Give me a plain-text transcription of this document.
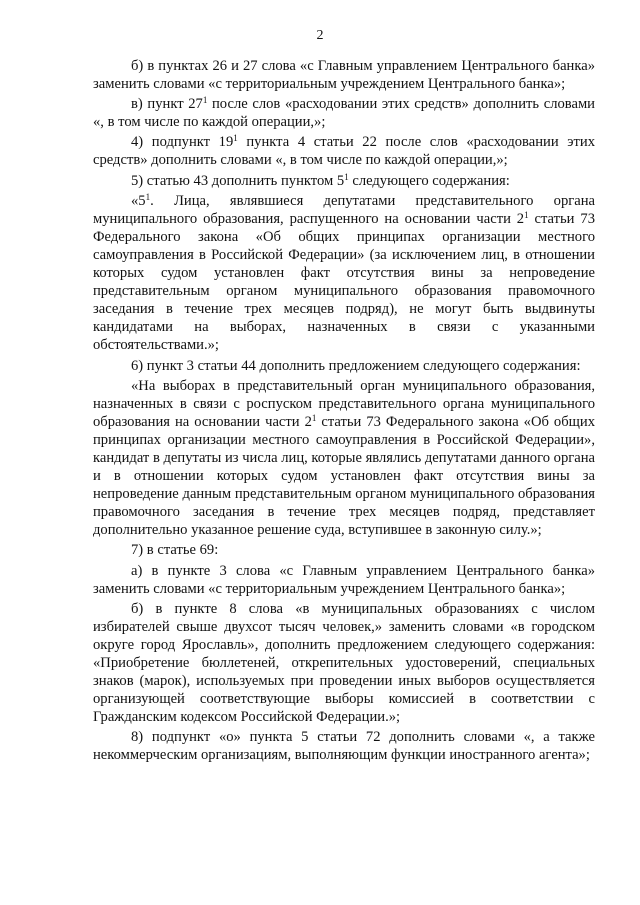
2

б) в пунктах 26 и 27 слова «с Главным управлением Центрального банка» заменить словами «с территориальным учреждением Центрального банка»;

в) пункт $27^1$ после слов «расходовании этих средств» дополнить словами «, в том числе по каждой операции,»;

4) подпункт $19^1$ пункта 4 статьи 22 после слов «расходовании этих средств» дополнить словами «, в том числе по каждой операции,»;

5) статью 43 дополнить пунктом $5^1$ следующего содержания:

«$5^1$. Лица, являвшиеся депутатами представительного органа муниципального образования, распущенного на основании части $2^1$ статьи 73 Федерального закона «Об общих принципах организации местного самоуправления в Российской Федерации» (за исключением лиц, в отношении которых судом установлен факт отсутствия вины за непроведение представительным органом муниципального образования правомочного заседания в течение трех месяцев подряд), не могут быть выдвинуты кандидатами на выборах, назначенных в связи с указанными обстоятельствами.»;

6) пункт 3 статьи 44 дополнить предложением следующего содержания:

«На выборах в представительный орган муниципального образования, назначенных в связи с роспуском представительного органа муниципального образования на основании части $2^1$ статьи 73 Федерального закона «Об общих принципах организации местного самоуправления в Российской Федерации», кандидат в депутаты из числа лиц, которые являлись депутатами данного органа и в отношении которых судом установлен факт отсутствия вины за непроведение данным представительным органом муниципального образования правомочного заседания в течение трех месяцев подряд, представляет дополнительно указанное решение суда, вступившее в законную силу.»;

7) в статье 69:

а) в пункте 3 слова «с Главным управлением Центрального банка» заменить словами «с территориальным учреждением Центрального банка»;

б) в пункте 8 слова «в муниципальных образованиях с числом избирателей свыше двухсот тысяч человек,» заменить словами «в городском округе город Ярославль», дополнить предложением следующего содержания: «Приобретение бюллетеней, открепительных удостоверений, специальных знаков (марок), используемых при проведении иных выборов осуществляется организующей соответствующие выборы комиссией в соответствии с Гражданским кодексом Российской Федерации.»;

8) подпункт «о» пункта 5 статьи 72 дополнить словами «, а также некоммерческим организациям, выполняющим функции иностранного агента»;
